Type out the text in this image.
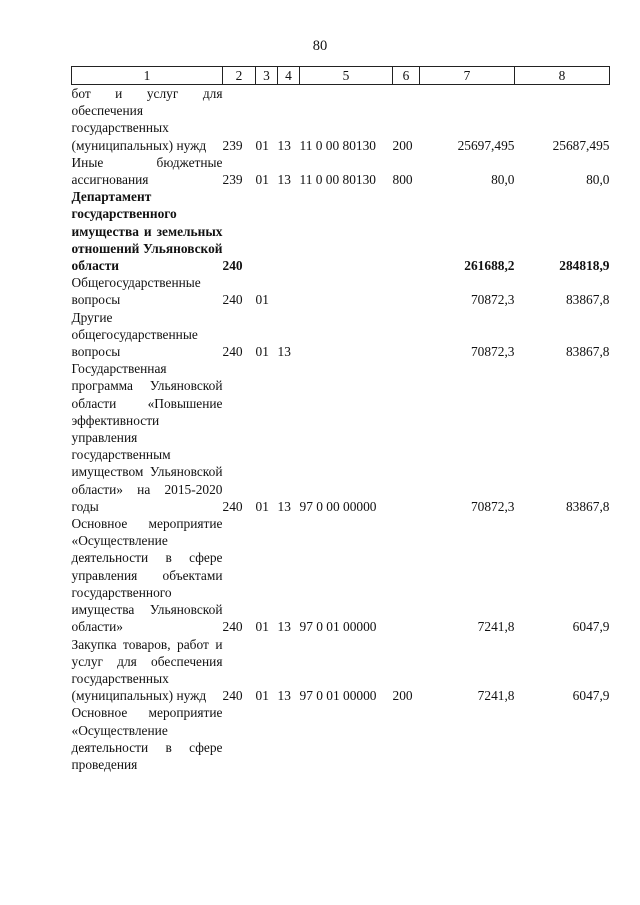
80
1	2	3	4	5	6	7	8
бот и услуг для обеспечения государственных (муниципальных) нужд	239	01	13	11 0 00 80130	200	25697,495	25687,495
Иные бюджетные ассигнования	239	01	13	11 0 00 80130	800	80,0	80,0
Департамент государственного имущества и земельных отношений Ульяновской области	240					261688,2	284818,9
Общегосударственные вопросы	240	01				70872,3	83867,8
Другие общегосударственные вопросы	240	01	13			70872,3	83867,8
Государственная программа Ульяновской области «Повышение эффективности управления государственным имуществом Ульяновской области» на 2015-2020 годы	240	01	13	97 0 00 00000		70872,3	83867,8
Основное мероприятие «Осуществление деятельности в сфере управления объектами государственного имущества Ульяновской области»	240	01	13	97 0 01 00000		7241,8	6047,9
Закупка товаров, работ и услуг для обеспечения государственных (муниципальных) нужд	240	01	13	97 0 01 00000	200	7241,8	6047,9
Основное мероприятие «Осуществление деятельности в сфере проведения							
